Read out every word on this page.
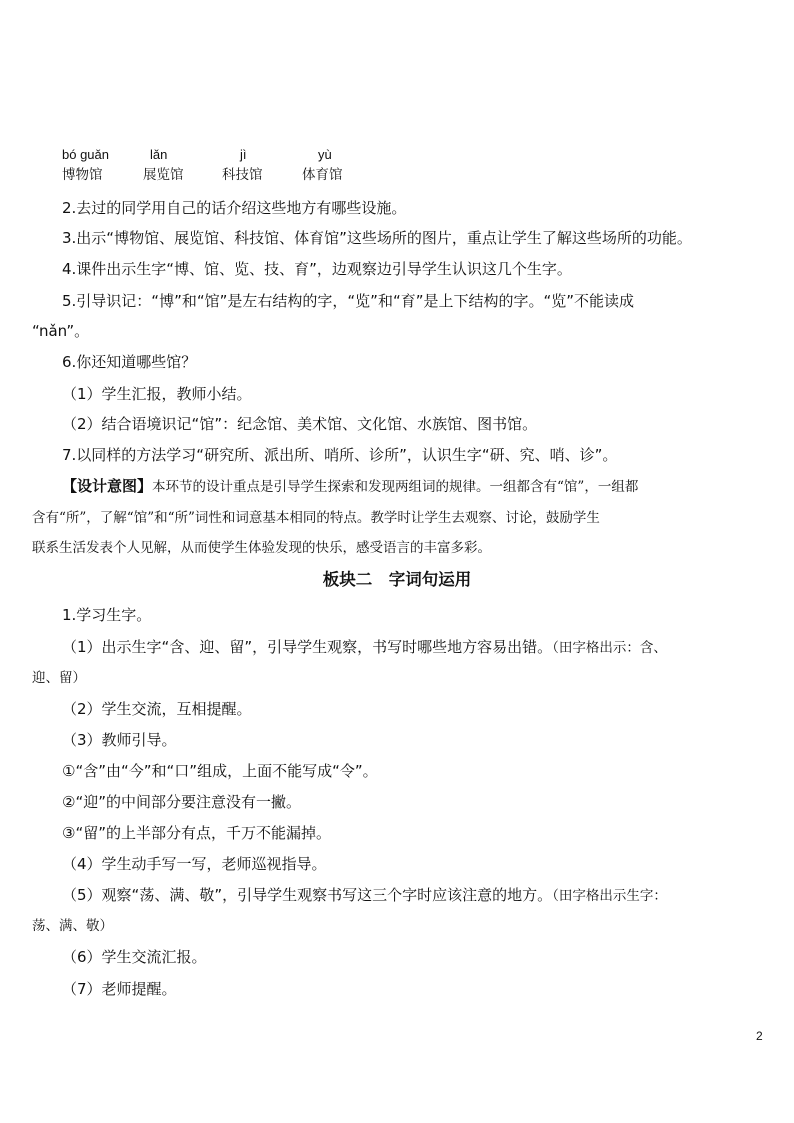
bó guǎn	lǎn	jì	yù
博物馆	展览馆	科技馆	体育馆
2.去过的同学用自己的话介绍这些地方有哪些设施。
3.出示“博物馆、展览馆、科技馆、体育馆”这些场所的图片，重点让学生了解这些场所的功能。
4.课件出示生字“博、馆、览、技、育”，边观察边引导学生认识这几个生字。
5.引导识记：“博”和“馆”是左右结构的字，“览”和“育”是上下结构的字。“览”不能读成
“nǎn”。
6.你还知道哪些馆？
（1）学生汇报，教师小结。
（2）结合语境识记“馆”：纪念馆、美术馆、文化馆、水族馆、图书馆。
7.以同样的方法学习“研究所、派出所、哨所、诊所”，认识生字“研、究、哨、诊”。
【设计意图】本环节的设计重点是引导学生探索和发现两组词的规律。一组都含有“馆”，一组都
含有“所”，了解“馆”和“所”词性和词意基本相同的特点。教学时让学生去观察、讨论，鼓励学生
联系生活发表个人见解，从而使学生体验发现的快乐，感受语言的丰富多彩。
板块二　字词句运用
1.学习生字。
（1）出示生字“含、迎、留”，引导学生观察，书写时哪些地方容易出错。（田字格出示：含、
迎、留）
（2）学生交流，互相提醒。
（3）教师引导。
①“含”由“今”和“口”组成，上面不能写成“令”。
②“迎”的中间部分要注意没有一撇。
③“留”的上半部分有点，千万不能漏掉。
（4）学生动手写一写，老师巡视指导。
（5）观察“荡、满、敬”，引导学生观察书写这三个字时应该注意的地方。（田字格出示生字：
荡、满、敬）
（6）学生交流汇报。
（7）老师提醒。
2
